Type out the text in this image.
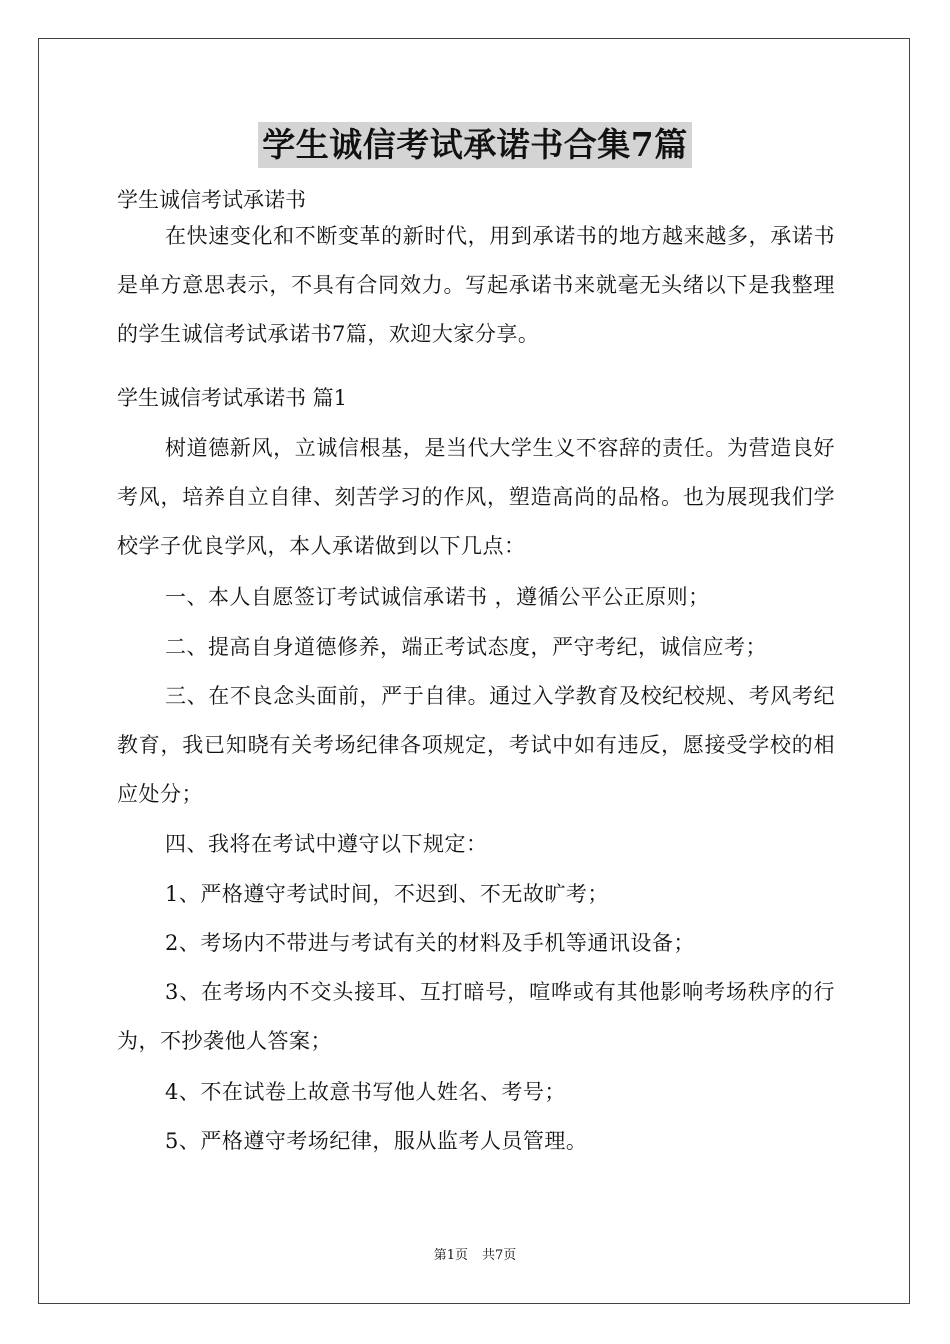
学生诚信考试承诺书合集7篇
学生诚信考试承诺书

在快速变化和不断变革的新时代，用到承诺书的地方越来越多，承诺书是单方意思表示，不具有合同效力。写起承诺书来就毫无头绪以下是我整理的学生诚信考试承诺书7篇，欢迎大家分享。

学生诚信考试承诺书 篇1

树道德新风，立诚信根基，是当代大学生义不容辞的责任。为营造良好考风，培养自立自律、刻苦学习的作风，塑造高尚的品格。也为展现我们学校学子优良学风，本人承诺做到以下几点：

一、本人自愿签订考试诚信承诺书 ，遵循公平公正原则；

二、提高自身道德修养，端正考试态度，严守考纪，诚信应考；

三、在不良念头面前，严于自律。通过入学教育及校纪校规、考风考纪教育，我已知晓有关考场纪律各项规定，考试中如有违反，愿接受学校的相应处分；

四、我将在考试中遵守以下规定：

1、严格遵守考试时间，不迟到、不无故旷考；

2、考场内不带进与考试有关的材料及手机等通讯设备；

3、在考场内不交头接耳、互打暗号，喧哗或有其他影响考场秩序的行为，不抄袭他人答案；

4、不在试卷上故意书写他人姓名、考号；

5、严格遵守考场纪律，服从监考人员管理。

第1页 共7页
